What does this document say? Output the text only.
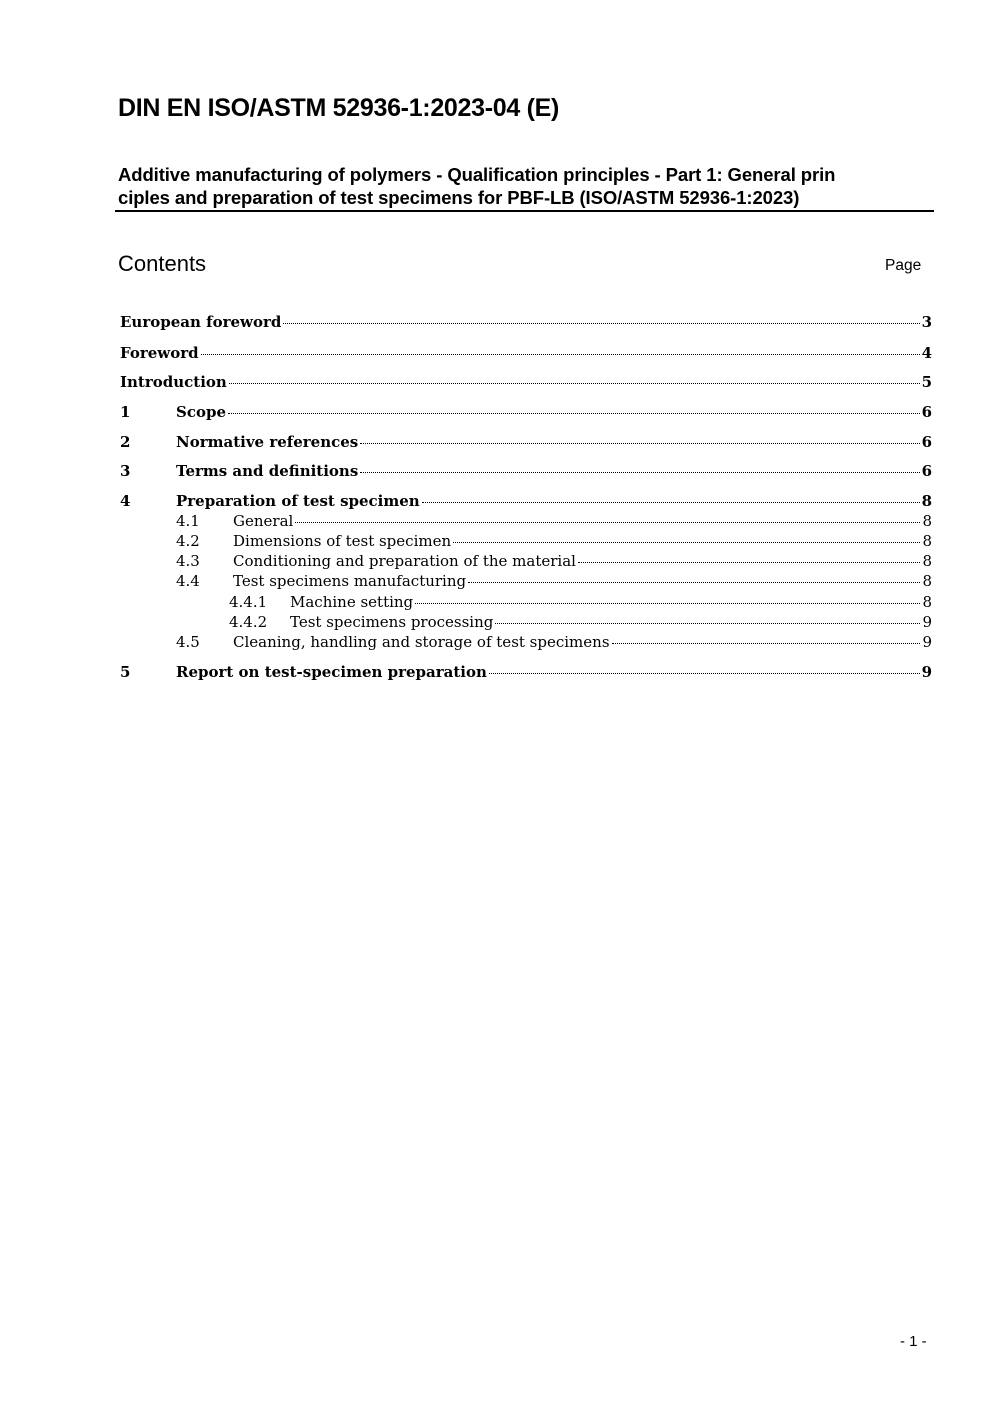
DIN EN ISO/ASTM 52936-1:2023-04 (E)
Additive manufacturing of polymers - Qualification principles - Part 1: General prin
ciples and preparation of test specimens for PBF-LB (ISO/ASTM 52936-1:2023)
Contents	Page
European foreword	3
Foreword	4
Introduction	5
1	Scope	6
2	Normative references	6
3	Terms and definitions	6
4	Preparation of test specimen	8
4.1	General	8
4.2	Dimensions of test specimen	8
4.3	Conditioning and preparation of the material	8
4.4	Test specimens manufacturing	8
4.4.1	Machine setting	8
4.4.2	Test specimens processing	9
4.5	Cleaning, handling and storage of test specimens	9
5	Report on test-specimen preparation	9
- 1 -
